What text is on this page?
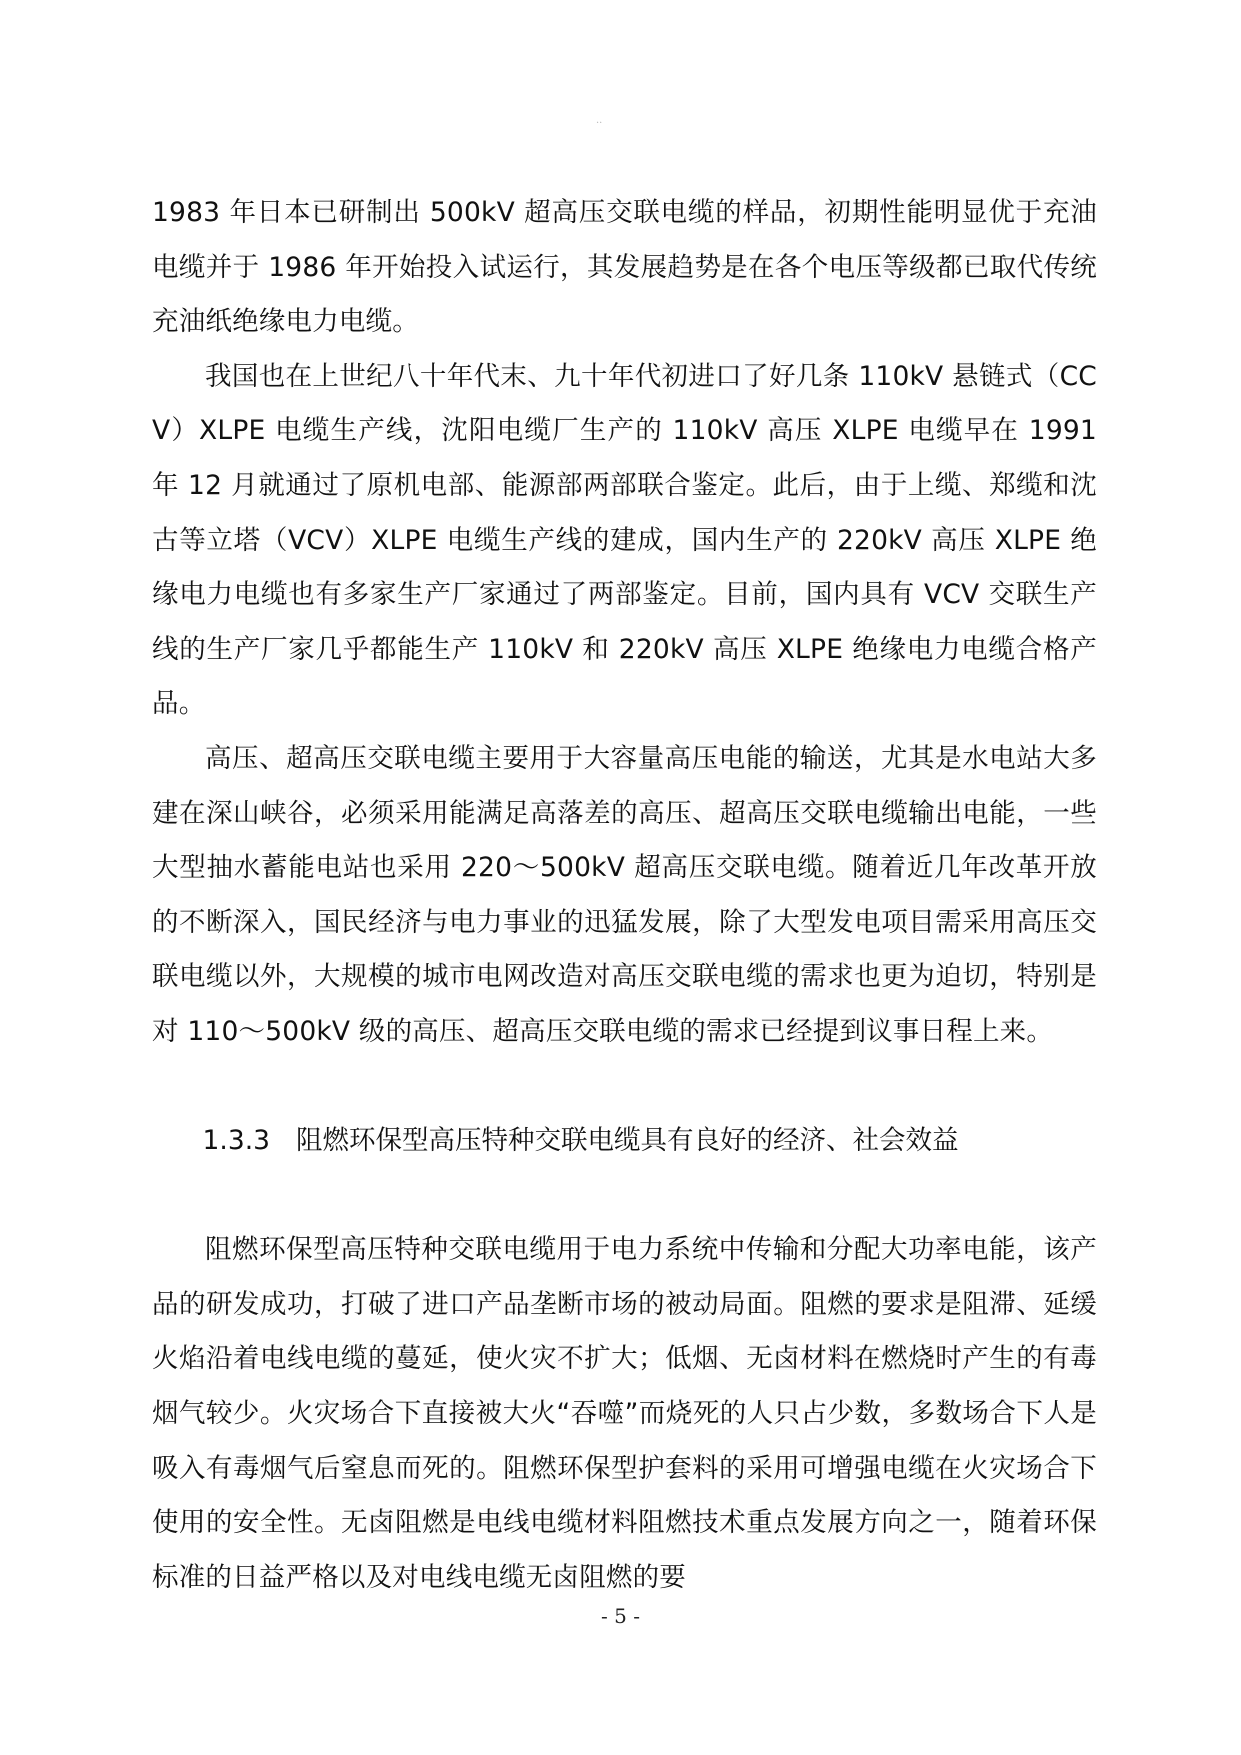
··

1983 年日本已研制出 500kV 超高压交联电缆的样品，初期性能明显优于充油电缆并于 1986 年开始投入试运行，其发展趋势是在各个电压等级都已取代传统充油纸绝缘电力电缆。

我国也在上世纪八十年代末、九十年代初进口了好几条 110kV 悬链式（CCV）XLPE 电缆生产线，沈阳电缆厂生产的 110kV 高压 XLPE 电缆早在 1991 年 12 月就通过了原机电部、能源部两部联合鉴定。此后，由于上缆、郑缆和沈古等立塔（VCV）XLPE 电缆生产线的建成，国内生产的 220kV 高压 XLPE 绝缘电力电缆也有多家生产厂家通过了两部鉴定。目前，国内具有 VCV 交联生产线的生产厂家几乎都能生产 110kV 和 220kV 高压 XLPE 绝缘电力电缆合格产品。

高压、超高压交联电缆主要用于大容量高压电能的输送，尤其是水电站大多建在深山峡谷，必须采用能满足高落差的高压、超高压交联电缆输出电能，一些大型抽水蓄能电站也采用 220～500kV 超高压交联电缆。随着近几年改革开放的不断深入，国民经济与电力事业的迅猛发展，除了大型发电项目需采用高压交联电缆以外，大规模的城市电网改造对高压交联电缆的需求也更为迫切，特别是对 110～500kV 级的高压、超高压交联电缆的需求已经提到议事日程上来。

1.3.3 阻燃环保型高压特种交联电缆具有良好的经济、社会效益

阻燃环保型高压特种交联电缆用于电力系统中传输和分配大功率电能，该产品的研发成功，打破了进口产品垄断市场的被动局面。阻燃的要求是阻滞、延缓火焰沿着电线电缆的蔓延，使火灾不扩大；低烟、无卤材料在燃烧时产生的有毒烟气较少。火灾场合下直接被大火“吞噬”而烧死的人只占少数，多数场合下人是吸入有毒烟气后窒息而死的。阻燃环保型护套料的采用可增强电缆在火灾场合下使用的安全性。无卤阻燃是电线电缆材料阻燃技术重点发展方向之一，随着环保标准的日益严格以及对电线电缆无卤阻燃的要

- 5 -
